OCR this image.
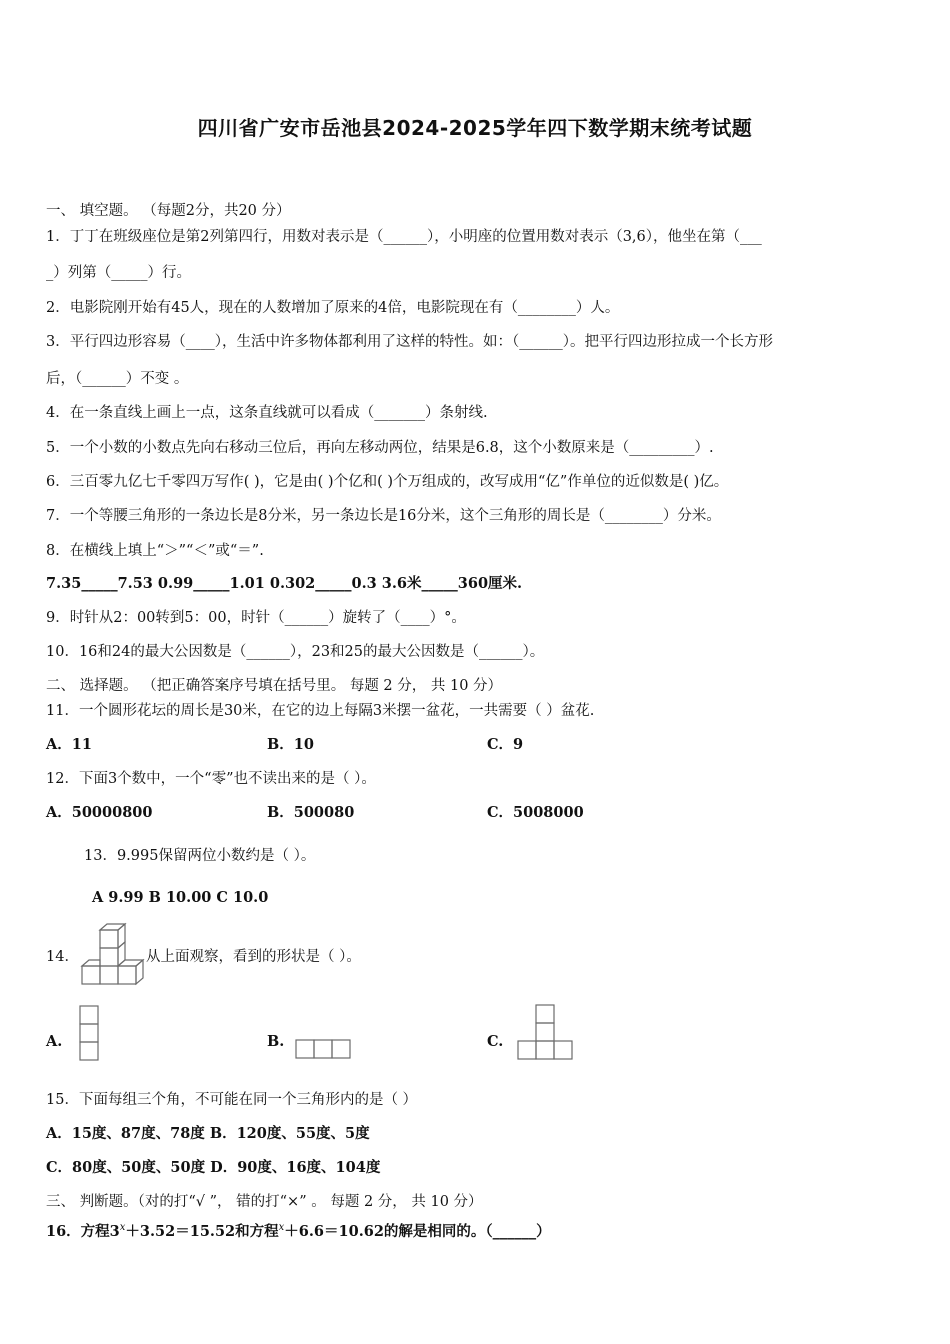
四川省广安市岳池县2024-2025学年四下数学期末统考试题
一、 填空题。 （每题2分，共20 分）
1．丁丁在班级座位是第2列第四行，用数对表示是（______），小明座的位置用数对表示（3,6），他坐在第（___
_）列第（_____）行。
2．电影院刚开始有45人，现在的人数增加了原来的4倍，电影院现在有（________）人。
3．平行四边形容易（____），生活中许多物体都利用了这样的特性。如：（______）。把平行四边形拉成一个长方形
后，（______）不变 。
4．在一条直线上画上一点，这条直线就可以看成（_______）条射线.
5．一个小数的小数点先向右移动三位后，再向左移动两位，结果是6.8，这个小数原来是（_________）.
6．三百零九亿七千零四万写作( )，它是由( )个亿和( )个万组成的，改写成用“亿”作单位的近似数是( )亿。
7．一个等腰三角形的一条边长是8分米，另一条边长是16分米，这个三角形的周长是（________）分米。
8．在横线上填上“＞”“＜”或“＝”.
7.35_____7.53 0.99_____1.01 0.302_____0.3 3.6米_____360厘米.
9．时针从2：00转到5：00，时针（______）旋转了（____）°。
10．16和24的最大公因数是（______），23和25的最大公因数是（______）。
二、 选择题。 （把正确答案序号填在括号里。 每题 2 分， 共 10 分）
11．一个圆形花坛的周长是30米，在它的边上每隔3米摆一盆花，一共需要（ ）盆花.
A．11	B．10	C．9
12．下面3个数中，一个“零”也不读出来的是（ ）。
A．50000800	B．500080	C．5008000
13．9.995保留两位小数约是（ ）。
A 9.99 B 10.00 C 10.0
14．	从上面观察，看到的形状是（ ）。
A.	B.	C.
15．下面每组三个角，不可能在同一个三角形内的是（ ）
A．15度、87度、78度 B．120度、55度、5度
C．80度、50度、50度 D．90度、16度、104度
三、 判断题。（对的打“√ ”， 错的打“×” 。 每题 2 分， 共 10 分）
16．方程$3^x+3.52=15.52$和方程$^x$＋6.6＝10.62的解是相同的。（______）
